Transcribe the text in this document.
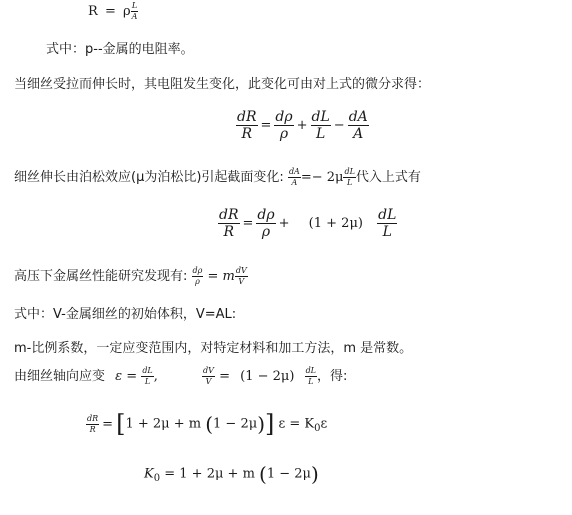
R = ρ $\frac{L}{A}$
式中：p--金属的电阻率。
当细丝受拉而伸长时，其电阻发生变化，此变化可由对上式的微分求得：
$\frac{dR}{R} = \frac{d\rho}{\rho} + \frac{dL}{L} - \frac{dA}{A}$
细丝伸长由泊松效应(μ为泊松比)引起截面变化: $\frac{dA}{A} =- 2\mu \frac{dL}{L}$ 代入上式有
$\frac{dR}{R} = \frac{d\rho}{\rho} + (1 + 2\mu) \frac{dL}{L}$
高压下金属丝性能研究发现有: $\frac{d\rho}{\rho} = m \frac{dV}{V}$
式中：V-金属细丝的初始体积，V=AL:
m-比例系数，一定应变范围内，对特定材料和加工方法，m 是常数。
由细丝轴向应变 $\varepsilon = \frac{dL}{L}$ ,	$\frac{dV}{V} = (1 - 2\mu) \frac{dL}{L}$ ，得:
$\frac{dR}{R} = [1 + 2\mu + m$ (1 − 2μ)] $\varepsilon = K_0\varepsilon$
$K_0 = 1 + 2\mu + m$ (1 − 2μ)
